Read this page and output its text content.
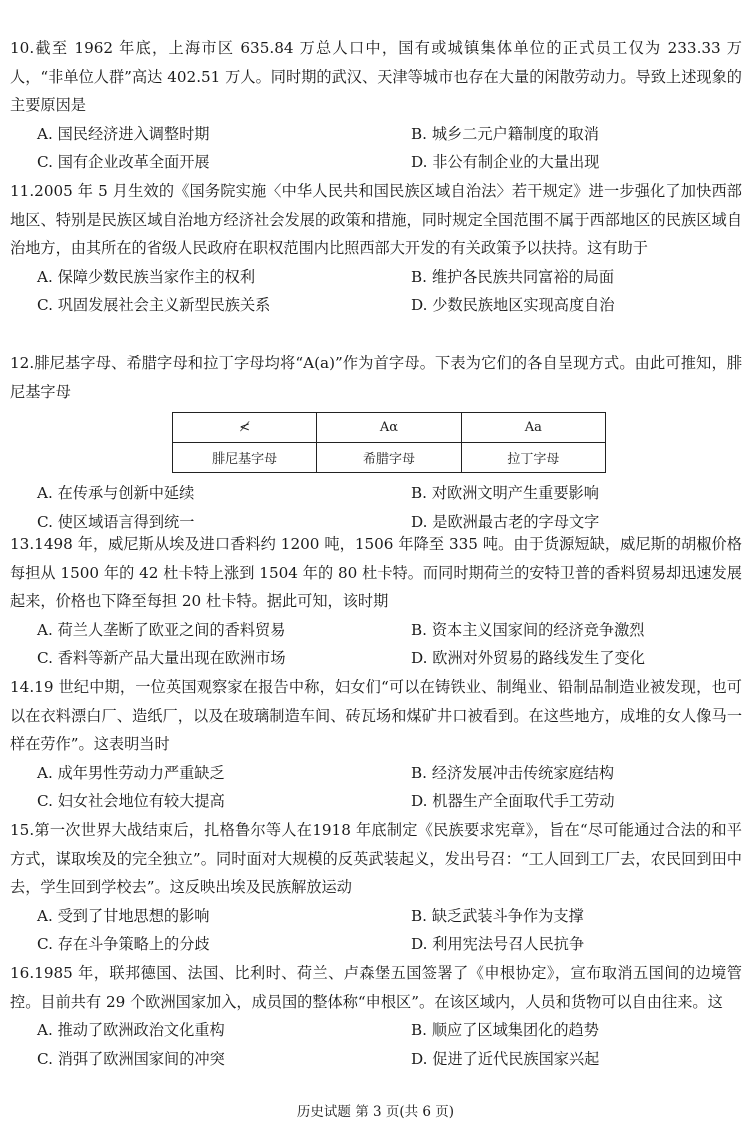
10.截至 1962 年底，上海市区 635.84 万总人口中，国有或城镇集体单位的正式员工仅为 233.33 万人，“非单位人群”高达 402.51 万人。同时期的武汉、天津等城市也存在大量的闲散劳动力。导致上述现象的主要原因是

A. 国民经济进入调整时期	B. 城乡二元户籍制度的取消
C. 国有企业改革全面开展	D. 非公有制企业的大量出现

11.2005 年 5 月生效的《国务院实施〈中华人民共和国民族区域自治法〉若干规定》进一步强化了加快西部地区、特别是民族区域自治地方经济社会发展的政策和措施，同时规定全国范围不属于西部地区的民族区域自治地方，由其所在的省级人民政府在职权范围内比照西部大开发的有关政策予以扶持。这有助于

A. 保障少数民族当家作主的权利	B. 维护各民族共同富裕的局面
C. 巩固发展社会主义新型民族关系	D. 少数民族地区实现高度自治

12.腓尼基字母、希腊字母和拉丁字母均将“A(a)”作为首字母。下表为它们的各自呈现方式。由此可推知，腓尼基字母

≮	Aα	Aa
腓尼基字母	希腊字母	拉丁字母
A. 在传承与创新中延续	B. 对欧洲文明产生重要影响
C. 使区域语言得到统一	D. 是欧洲最古老的字母文字

13.1498 年，威尼斯从埃及进口香料约 1200 吨，1506 年降至 335 吨。由于货源短缺，威尼斯的胡椒价格每担从 1500 年的 42 杜卡特上涨到 1504 年的 80 杜卡特。而同时期荷兰的安特卫普的香料贸易却迅速发展起来，价格也下降至每担 20 杜卡特。据此可知，该时期

A. 荷兰人垄断了欧亚之间的香料贸易	B. 资本主义国家间的经济竞争激烈
C. 香料等新产品大量出现在欧洲市场	D. 欧洲对外贸易的路线发生了变化

14.19 世纪中期，一位英国观察家在报告中称，妇女们“可以在铸铁业、制绳业、铅制品制造业被发现，也可以在衣料漂白厂、造纸厂，以及在玻璃制造车间、砖瓦场和煤矿井口被看到。在这些地方，成堆的女人像马一样在劳作”。这表明当时

A. 成年男性劳动力严重缺乏	B. 经济发展冲击传统家庭结构
C. 妇女社会地位有较大提高	D. 机器生产全面取代手工劳动

15.第一次世界大战结束后，扎格鲁尔等人在1918 年底制定《民族要求宪章》，旨在“尽可能通过合法的和平方式，谋取埃及的完全独立”。同时面对大规模的反英武装起义，发出号召：“工人回到工厂去，农民回到田中去，学生回到学校去”。这反映出埃及民族解放运动

A. 受到了甘地思想的影响	B. 缺乏武装斗争作为支撑
C. 存在斗争策略上的分歧	D. 利用宪法号召人民抗争

16.1985 年，联邦德国、法国、比利时、荷兰、卢森堡五国签署了《申根协定》，宣布取消五国间的边境管控。目前共有 29 个欧洲国家加入，成员国的整体称“申根区”。在该区域内，人员和货物可以自由往来。这

A. 推动了欧洲政治文化重构	B. 顺应了区域集团化的趋势
C. 消弭了欧洲国家间的冲突	D. 促进了近代民族国家兴起
历史试题 第 3 页(共 6 页)
